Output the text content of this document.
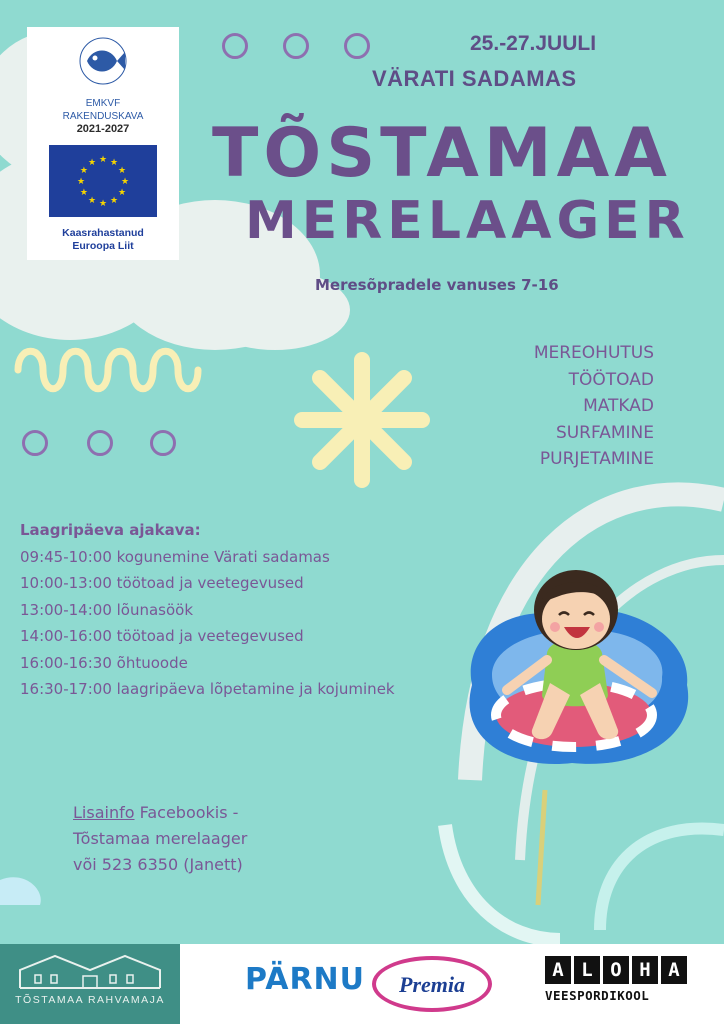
EMKVF
RAKENDUSKAVA
2021-2027
★
★
★
★
★
★
★
★
★ ★ ★
★
Kaasrahastanud
Euroopa Liit
25.-27.JUULI
VÄRATI SADAMAS
TÕSTAMAA
MERELAAGER
Meresõpradele vanuses 7-16
MEREOHUTUS
TÖÖTOAD
MATKAD
SURFAMINE
PURJETAMINE
Laagripäeva ajakava:
09:45-10:00 kogunemine Värati sadamas
10:00-13:00 töötoad ja veetegevused
13:00-14:00 lõunasöök
14:00-16:00 töötoad ja veetegevused
16:00-16:30 õhtuoode
16:30-17:00 laagripäeva lõpetamine ja kojuminek
Lisainfo Facebookis -
Tõstamaa merelaager
või 523 6350 (Janett)
TÕSTAMAA RAHVAMAJA
PÄRNU	Premia
A L O H A
VEESPORDIKOOL
